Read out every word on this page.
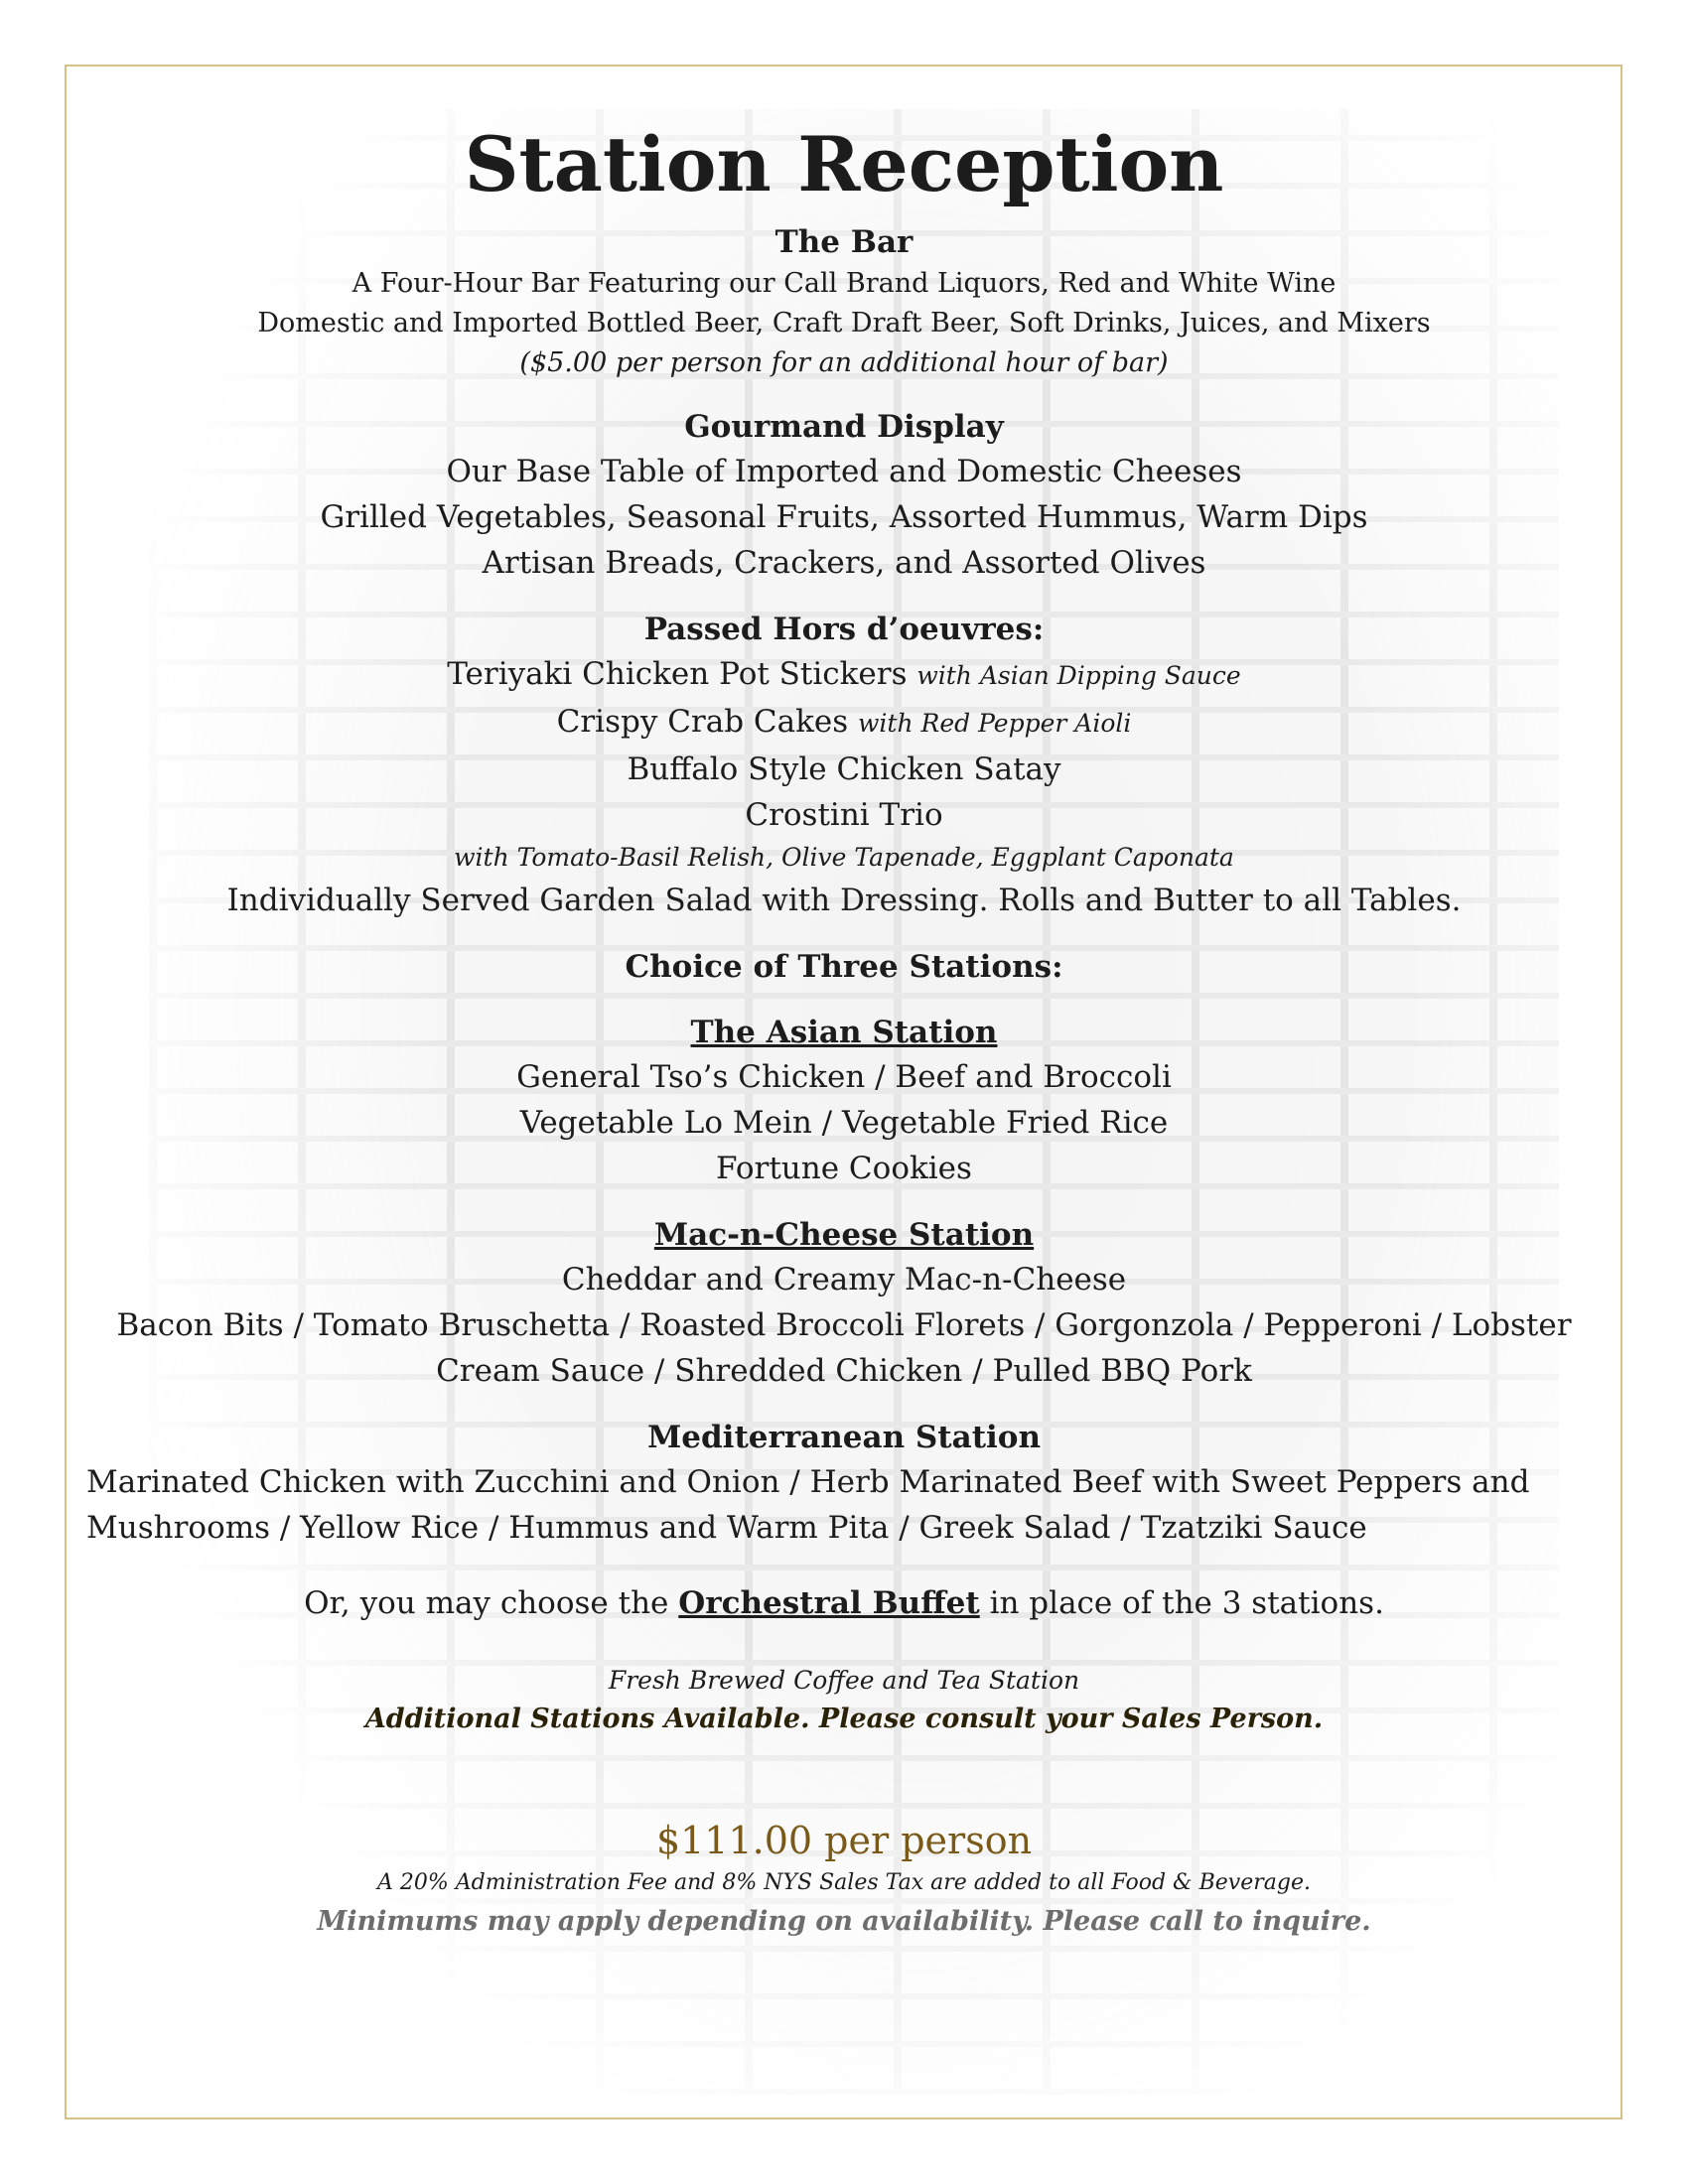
Station Reception

The Bar

A Four-Hour Bar Featuring our Call Brand Liquors, Red and White Wine

Domestic and Imported Bottled Beer, Craft Draft Beer, Soft Drinks, Juices, and Mixers

($5.00 per person for an additional hour of bar)

Gourmand Display

Our Base Table of Imported and Domestic Cheeses

Grilled Vegetables, Seasonal Fruits, Assorted Hummus, Warm Dips

Artisan Breads, Crackers, and Assorted Olives

Passed Hors d’oeuvres:

Teriyaki Chicken Pot Stickers with Asian Dipping Sauce

Crispy Crab Cakes with Red Pepper Aioli

Buffalo Style Chicken Satay

Crostini Trio

with Tomato-Basil Relish, Olive Tapenade, Eggplant Caponata

Individually Served Garden Salad with Dressing. Rolls and Butter to all Tables.

Choice of Three Stations:

The Asian Station

General Tso’s Chicken / Beef and Broccoli

Vegetable Lo Mein / Vegetable Fried Rice

Fortune Cookies

Mac-n-Cheese Station

Cheddar and Creamy Mac-n-Cheese

Bacon Bits / Tomato Bruschetta / Roasted Broccoli Florets / Gorgonzola / Pepperoni / Lobster

Cream Sauce / Shredded Chicken / Pulled BBQ Pork

Mediterranean Station

Marinated Chicken with Zucchini and Onion / Herb Marinated Beef with Sweet Peppers and

Mushrooms / Yellow Rice / Hummus and Warm Pita / Greek Salad / Tzatziki Sauce

Or, you may choose the Orchestral Buffet in place of the 3 stations.

Fresh Brewed Coffee and Tea Station

Additional Stations Available. Please consult your Sales Person.

$111.00 per person

A 20% Administration Fee and 8% NYS Sales Tax are added to all Food & Beverage.

Minimums may apply depending on availability. Please call to inquire.
